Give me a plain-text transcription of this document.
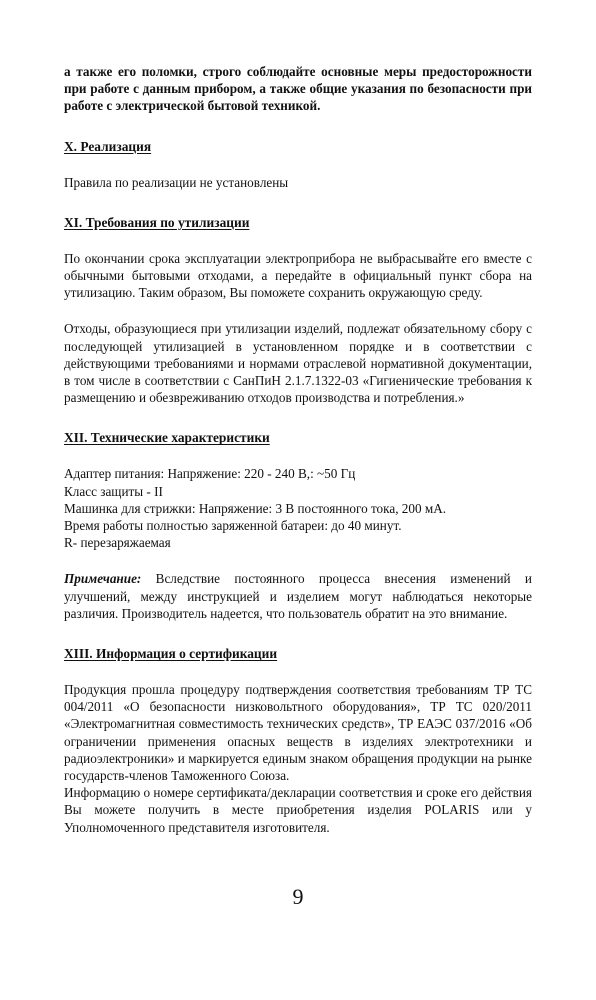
а также его поломки, строго соблюдайте основные меры предосторожности при работе с данным прибором, а также общие указания по безопасности при работе с электрической бытовой техникой.

X. Реализация

Правила по реализации не установлены

XI. Требования по утилизации

По окончании срока эксплуатации электроприбора не выбрасывайте его вместе с обычными бытовыми отходами, а передайте в официальный пункт сбора на утилизацию. Таким образом, Вы поможете сохранить окружающую среду.

Отходы, образующиеся при утилизации изделий, подлежат обязательному сбору с последующей утилизацией в установленном порядке и в соответствии с действующими требованиями и нормами отраслевой нормативной документации, в том числе в соответствии с СанПиН 2.1.7.1322-03 «Гигиенические требования к размещению и обезвреживанию отходов производства и потребления.»

XII. Технические характеристики
Адаптер питания: Напряжение: 220 - 240 В,: ~50 Гц
Класс защиты - II
Машинка для стрижки: Напряжение: 3 В постоянного тока, 200 мА.
Время работы полностью заряженной батареи: до 40 минут.
R- перезаряжаемая

Примечание: Вследствие постоянного процесса внесения изменений и улучшений, между инструкцией и изделием могут наблюдаться некоторые различия. Производитель надеется, что пользователь обратит на это внимание.

XIII. Информация о сертификации

Продукция прошла процедуру подтверждения соответствия требованиям ТР ТС 004/2011 «О безопасности низковольтного оборудования», ТР ТС 020/2011 «Электромагнитная совместимость технических средств», ТР ЕАЭС 037/2016 «Об ограничении применения опасных веществ в изделиях электротехники и радиоэлектроники» и маркируется единым знаком обращения продукции на рынке государств-членов Таможенного Союза.

Информацию о номере сертификата/декларации соответствия и сроке его действия Вы можете получить в месте приобретения изделия POLARIS или у Уполномоченного представителя изготовителя.

9
